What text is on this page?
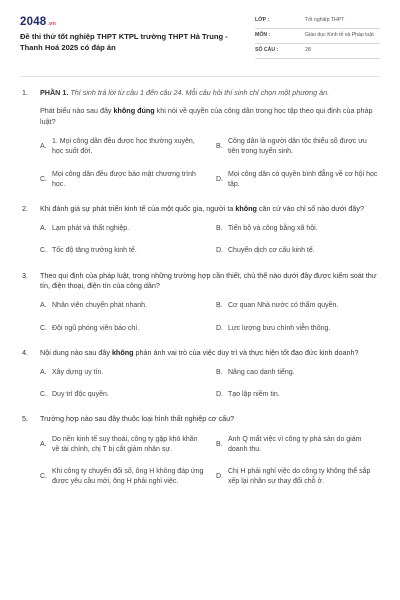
2048.vn
Đề thi thử tốt nghiệp THPT KTPL trường THPT Hà Trung - Thanh Hoá 2025 có đáp án
LỚP :	Tốt nghiệp THPT
MÔN :	Giáo dục Kinh tế và Pháp luật
SỐ CÂU :	28
1. PHẦN 1. Thí sinh trả lời từ câu 1 đến câu 24. Mỗi câu hỏi thí sinh chỉ chọn một phương án.
Phát biểu nào sau đây không đúng khi nói về quyền của công dân trong học tập theo qui định của pháp luật?
A.
1. Mọi công dân đều được học thường xuyên, học suốt đời.
B.
Công dân là người dân tộc thiểu số được ưu tiên trong tuyển sinh.
C.
Mọi công dân đều được bảo mật chương trình học.
D.
Mọi công dân có quyền bình đẳng về cơ hội học tập.
2. Khi đánh giá sự phát triển kinh tế của một quốc gia, người ta không căn cứ vào chỉ số nào dưới đây?
A. Lạm phát và thất nghiệp.	B. Tiến bộ và công bằng xã hội.
C. Tốc độ tăng trưởng kinh tế.	D. Chuyển dịch cơ cấu kinh tế.
3. Theo qui định của pháp luật, trong những trường hợp cần thiết, chủ thể nào dưới đây được kiểm soát thư tín, điện thoại, điện tín của công dân?
A. Nhân viên chuyển phát nhanh.	B. Cơ quan Nhà nước có thẩm quyền.
C. Đội ngũ phóng viên báo chí.	D. Lực lượng bưu chính viễn thông.
4. Nội dung nào sau đây không phản ánh vai trò của việc duy trì và thực hiện tốt đạo đức kinh doanh?
A. Xây dựng uy tín.	B. Nâng cao danh tiếng.
C. Duy trì độc quyền.	D. Tạo lập niềm tin.
5. Trường hợp nào sau đây thuộc loại hình thất nghiệp cơ cấu?
A.
Do nền kinh tế suy thoái, công ty gặp khó khăn về tài chính, chị T bị cắt giảm nhân sự.
B.
Anh Q mất việc vì công ty phá sản do giám doanh thu.
C.
Khi công ty chuyển đổi số, ông H không đáp ứng được yêu cầu mới, ông H phải nghỉ việc.
D.
Chị H phải nghỉ việc do công ty không thể sắp xếp lại nhân sự thay đổi chỗ ở.
